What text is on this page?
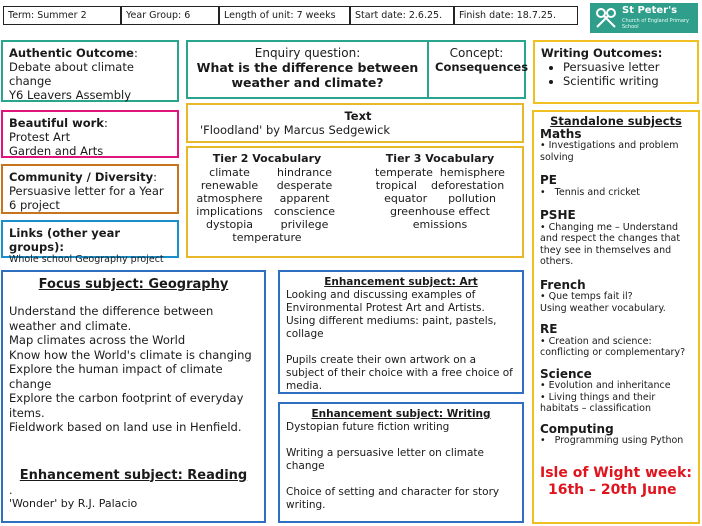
Term: Summer 2	Year Group: 6	Length of unit: 7 weeks	Start date: 2.6.25.	Finish date: 18.7.25.	St Peter's
Church of England Primary School
Authentic Outcome:
Debate about climate change
Y6 Leavers Assembly
Enquiry question:
What is the difference between weather and climate?
Concept:
Consequences
Writing Outcomes:
• Persuasive letter
• Scientific writing
Beautiful work:
Protest Art
Garden and Arts
Text
'Floodland' by Marcus Sedgewick
Community / Diversity:
Persuasive letter for a Year 6 project
Tier 2 Vocabulary
climate	hindrance
renewable	desperate
atmosphere	apparent
implications	conscience
dystopia	privilege
temperature
Tier 3 Vocabulary
temperate  hemisphere
tropical    deforestation
equator      pollution
greenhouse effect
emissions
Links (other year groups):
Whole school Geography project
Standalone subjects
Maths
• Investigations and problem solving
PE
•   Tennis and cricket
PSHE
• Changing me – Understand and respect the changes that they see in themselves and others.
French
• Que temps fait il?
Using weather vocabulary.
RE
• Creation and science: conflicting or complementary?
Science
• Evolution and inheritance
• Living things and their habitats – classification
Computing
•   Programming using Python
Isle of Wight week:
16th – 20th June
Focus subject: Geography
Understand the difference between weather and climate.
Map climates across the World
Know how the World's climate is changing
Explore the human impact of climate change
Explore the carbon footprint of everyday items.
Fieldwork based on land use in Henfield.
Enhancement subject: Reading
.
'Wonder' by R.J. Palacio
Enhancement subject: Art
Looking and discussing examples of Environmental Protest Art and Artists. Using different mediums: paint, pastels, collage
Pupils create their own artwork on a subject of their choice with a free choice of media.
Enhancement subject: Writing
Dystopian future fiction writing
Writing a persuasive letter on climate change
Choice of setting and character for story writing.
